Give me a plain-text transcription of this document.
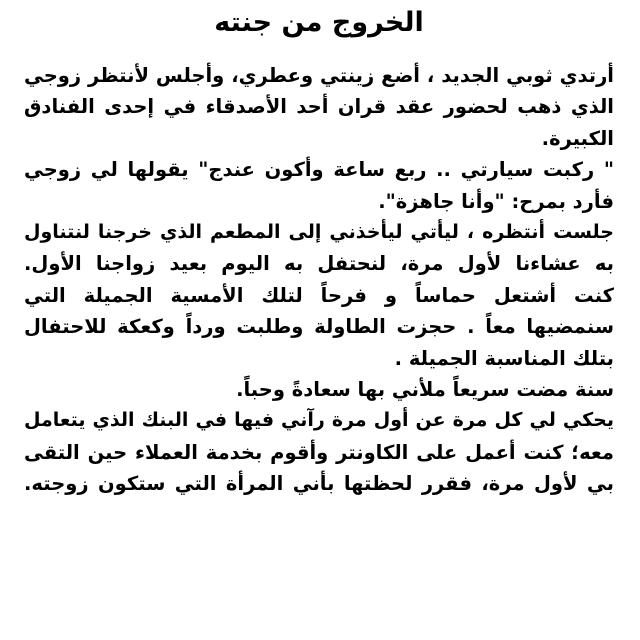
الخروج من جنته
أرتدي ثوبي الجديد ، أضع زينتي وعطري، وأجلس لأنتظر زوجي
الذي ذهب لحضور عقد قران أحد الأصدقاء في إحدى الفنادق
الكبيرة.
" ركبت سيارتي .. ربع ساعة وأكون عندج" يقولها لي زوجي
فأرد بمرح: "وأنا جاهزة".
جلست أنتظره ، ليأتي ليأخذني إلى المطعم الذي خرجنا لنتناول
به عشاءنا لأول مرة، لنحتفل به اليوم بعيد زواجنا الأول.
كنت أشتعل حماساً و فرحاً لتلك الأمسية الجميلة التي
سنمضيها معاً . حجزت الطاولة وطلبت ورداً وكعكة للاحتفال
بتلك المناسبة الجميلة .
سنة مضت سريعاً ملأني بها سعادةً وحباً.
يحكي لي كل مرة عن أول مرة رآني فيها في البنك الذي يتعامل
معه؛ كنت أعمل على الكاونتر وأقوم بخدمة العملاء حين التقى
بي لأول مرة، فقرر لحظتها بأني المرأة التي ستكون زوجته.
